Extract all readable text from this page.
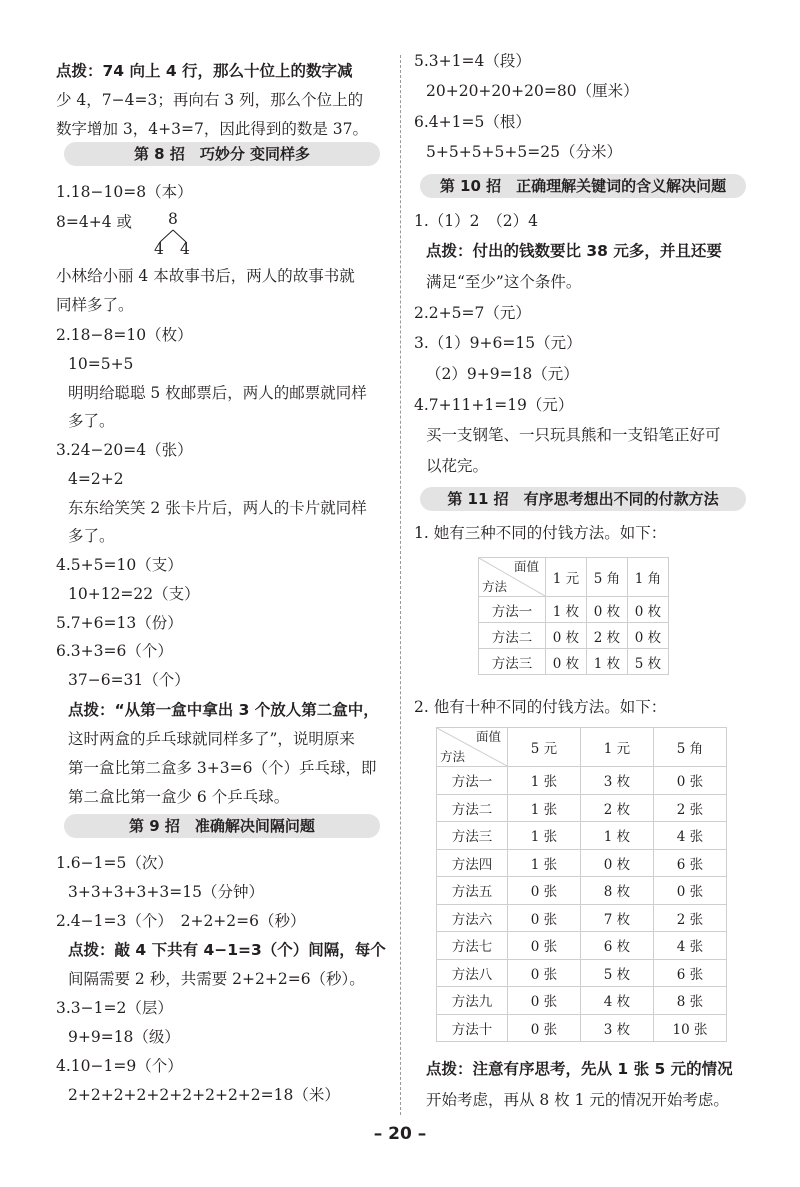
点拨：74 向上 4 行，那么十位上的数字减
少 4，7−4=3；再向右 3 列，那么个位上的
数字增加 3，4+3=7，因此得到的数是 37。
第 8 招　巧妙分 变同样多
1.18−10=8（本）
8=4+4 或 8
4 4
小林给小丽 4 本故事书后，两人的故事书就
同样多了。
2.18−8=10（枚）
10=5+5
明明给聪聪 5 枚邮票后，两人的邮票就同样
多了。
3.24−20=4（张）
4=2+2
东东给笑笑 2 张卡片后，两人的卡片就同样
多了。
4.5+5=10（支）
10+12=22（支）
5.7+6=13（份）
6.3+3=6（个）
37−6=31（个）
点拨：“从第一盒中拿出 3 个放人第二盒中，
这时两盒的乒乓球就同样多了”，说明原来
第一盒比第二盒多 3+3=6（个）乒乓球，即
第二盒比第一盒少 6 个乒乓球。
第 9 招　准确解决间隔问题
1.6−1=5（次）
3+3+3+3+3=15（分钟）
2.4−1=3（个）　2+2+2=6（秒）
点拨：敲 4 下共有 4−1=3（个）间隔，每个
间隔需要 2 秒，共需要 2+2+2=6（秒）。
3.3−1=2（层）
9+9=18（级）
4.10−1=9（个）
2+2+2+2+2+2+2+2+2=18（米）
5.3+1=4（段）
20+20+20+20=80（厘米）
6.4+1=5（根）
5+5+5+5+5=25（分米）
第 10 招　正确理解关键词的含义解决问题
1.（1）2　（2）4
点拨：付出的钱数要比 38 元多，并且还要
满足“至少”这个条件。
2.2+5=7（元）
3.（1）9+6=15（元）
（2）9+9=18（元）
4.7+11+1=19（元）
买一支钢笔、一只玩具熊和一支铅笔正好可
以花完。
第 11 招　有序思考想出不同的付款方法
1. 她有三种不同的付钱方法。如下：
面值
方法	1 元	5 角	1 角
方法一	1 枚	0 枚	0 枚
方法二	0 枚	2 枚	0 枚
方法三	0 枚	1 枚	5 枚
2. 他有十种不同的付钱方法。如下：
面值
方法	5 元	1 元	5 角
方法一	1 张	3 枚	0 张
方法二	1 张	2 枚	2 张
方法三	1 张	1 枚	4 张
方法四	1 张	0 枚	6 张
方法五	0 张	8 枚	0 张
方法六	0 张	7 枚	2 张
方法七	0 张	6 枚	4 张
方法八	0 张	5 枚	6 张
方法九	0 张	4 枚	8 张
方法十	0 张	3 枚	10 张
点拨：注意有序思考，先从 1 张 5 元的情况
开始考虑，再从 8 枚 1 元的情况开始考虑。
– 20 –
